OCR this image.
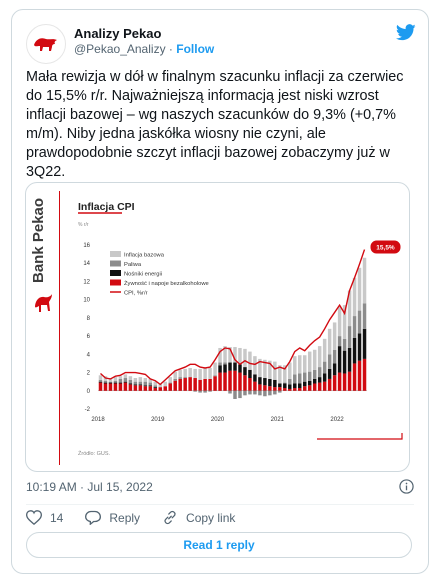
Analizy Pekao
@Pekao_Analizy · Follow
Mała rewizja w dół w finalnym szacunku inflacji za czerwiec do 15,5% r/r. Najważniejszą informacją jest niski wzrost inflacji bazowej – wg naszych szacunków do 9,3% (+0,7% m/m). Niby jedna jaskółka wiosny nie czyni, ale prawdopodobnie szczyt inflacji bazowej zobaczymy już w 3Q22.
Bank Pekao	Inflacja CPI
% r/r
Źródło: GUS.
-2
0
2
4
6
8
10
12
14
16
2018	2019	2020	2021	2022
15,5%
Inflacja bazowa
Paliwa
Nośniki energii
Żywność i napoje bezalkoholowe
CPI, %r/r
10:19 AM · Jul 15, 2022
14	Reply	Copy link
Read 1 reply
